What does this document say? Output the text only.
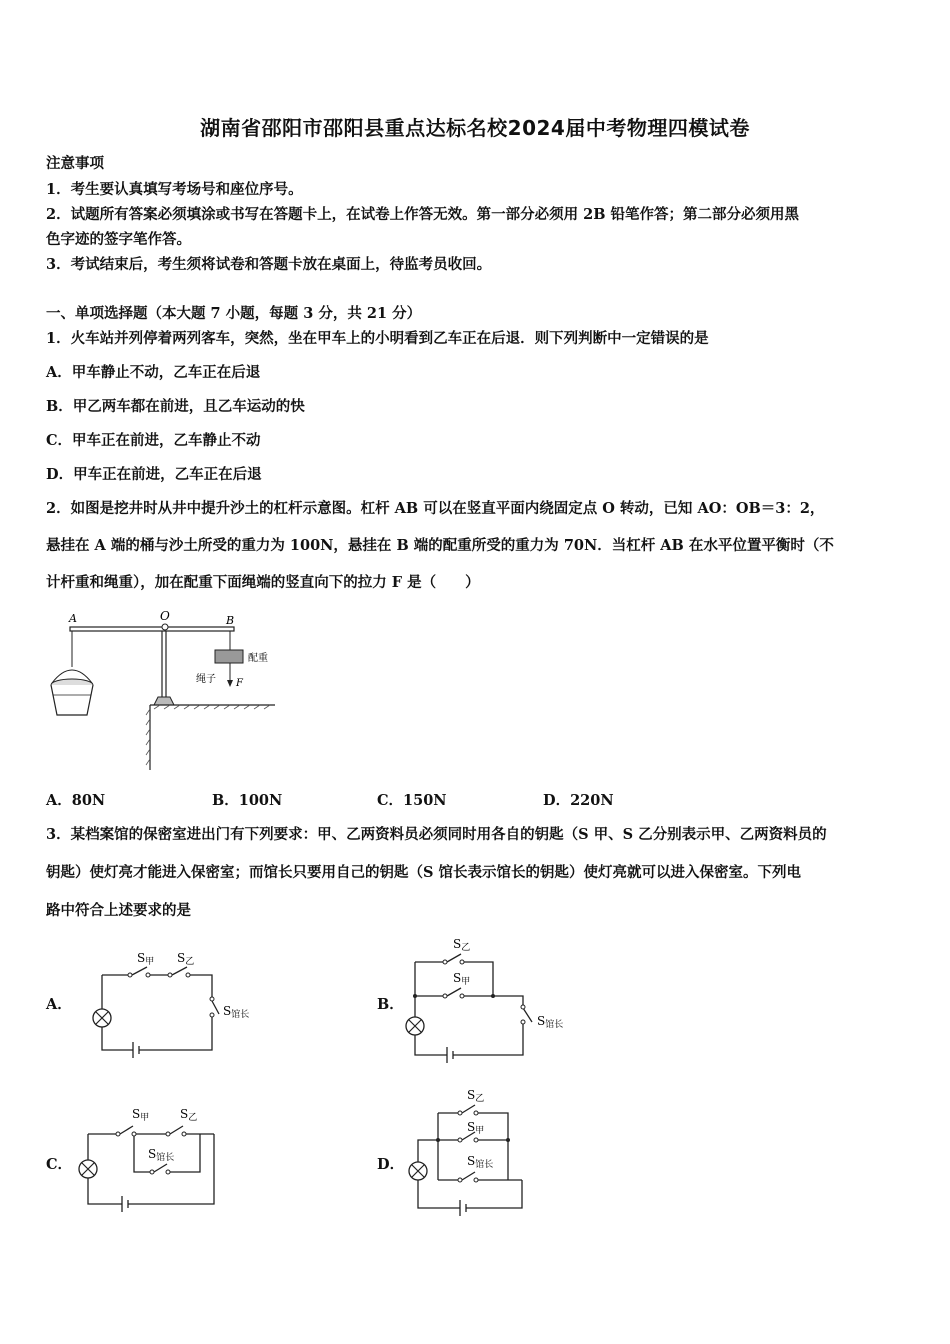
湖南省邵阳市邵阳县重点达标名校2024届中考物理四模试卷
注意事项
1．考生要认真填写考场号和座位序号。
2．试题所有答案必须填涂或书写在答题卡上，在试卷上作答无效。第一部分必须用 2B 铅笔作答；第二部分必须用黑
色字迹的签字笔作答。
3．考试结束后，考生须将试卷和答题卡放在桌面上，待监考员收回。
一、单项选择题（本大题 7 小题，每题 3 分，共 21 分）
1．火车站并列停着两列客车，突然，坐在甲车上的小明看到乙车正在后退．则下列判断中一定错误的是
A．甲车静止不动，乙车正在后退
B．甲乙两车都在前进，且乙车运动的快
C．甲车正在前进，乙车静止不动
D．甲车正在前进，乙车正在后退
2．如图是挖井时从井中提升沙土的杠杆示意图。杠杆 AB 可以在竖直平面内绕固定点 O 转动，已知 AO：OB＝3：2，
悬挂在 A 端的桶与沙土所受的重力为 100N，悬挂在 B 端的配重所受的重力为 70N．当杠杆 AB 在水平位置平衡时（不
计杆重和绳重），加在配重下面绳端的竖直向下的拉力 F 是（　　）
A	O	B
配重
绳子 F
A．80N	B．100N	C．150N	D．220N
3．某档案馆的保密室进出门有下列要求：甲、乙两资料员必须同时用各自的钥匙（S 甲、S 乙分别表示甲、乙两资料员的
钥匙）使灯亮才能进入保密室；而馆长只要用自己的钥匙（S 馆长表示馆长的钥匙）使灯亮就可以进入保密室。下列电
路中符合上述要求的是
A．
S甲 S乙
S馆长
B．
S乙
S甲
S馆长
C．
S甲	S乙
S馆长	D．
S乙
S甲
S馆长
